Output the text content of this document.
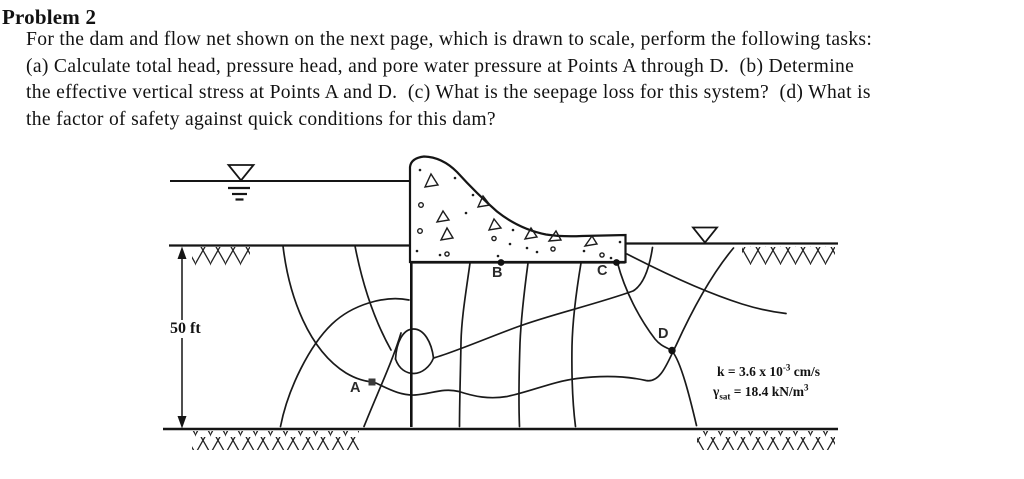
Problem 2
For the dam and flow net shown on the next page, which is drawn to scale, perform the following tasks:
(a) Calculate total head, pressure head, and pore water pressure at Points A through D.  (b) Determine
the effective vertical stress at Points A and D.  (c) What is the seepage loss for this system?  (d) What is
the factor of safety against quick conditions for this dam?
50 ft
A
B	C
D
k = 3.6 x $10^{-3}$ cm/s
$\gamma_{sat} = 18.4$ $kN/m^3$
